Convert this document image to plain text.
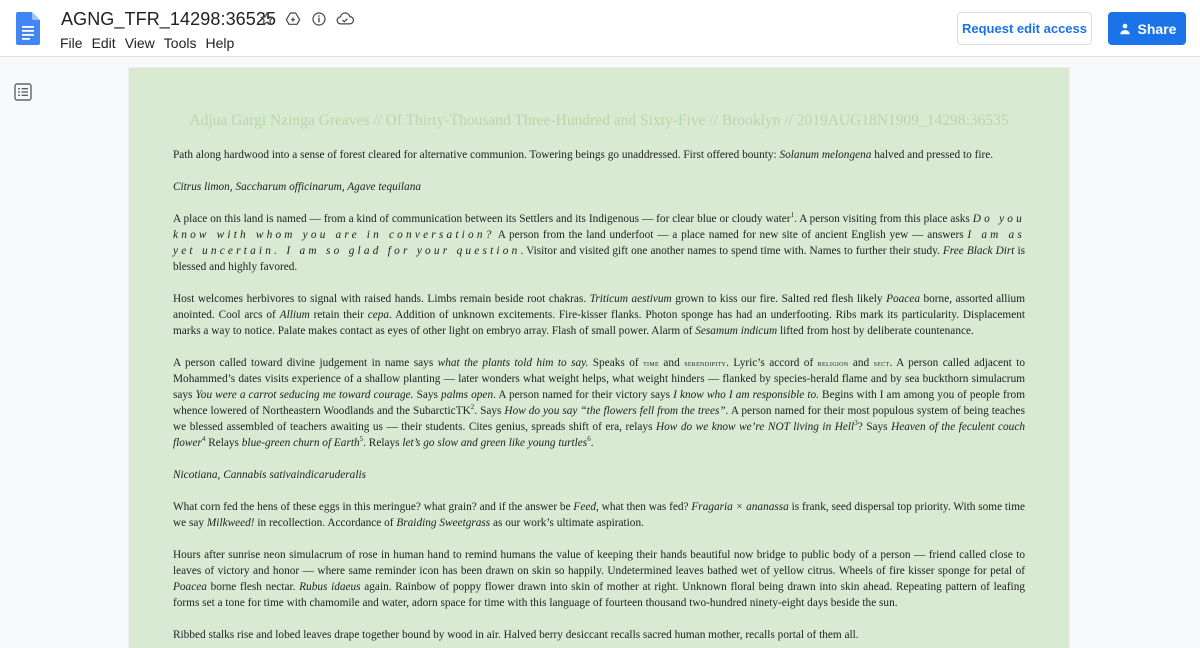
AGNG_TFR_14298:36525
File Edit View Tools Help
Request edit access	Share
Adjua Gargi Nzinga Greaves // Of Thirty-Thousand Three-Hundred and Sixty-Five // Brooklyn // 2019AUG18N1909_14298:36535

Path along hardwood into a sense of forest cleared for alternative communion. Towering beings go unaddressed. First offered bounty: Solanum melongena halved and pressed to fire.

Citrus limon, Saccharum officinarum, Agave tequilana

A place on this land is named — from a kind of communication between its Settlers and its Indigenous — for clear blue or cloudy water$^1$. A person visiting from this place asks Do you know with whom you are in conversation? A person from the land underfoot — a place named for new site of ancient English yew — answers I am as yet uncertain. I am so glad for your question. Visitor and visited gift one another names to spend time with. Names to further their study. Free Black Dirt is blessed and highly favored.

Host welcomes herbivores to signal with raised hands. Limbs remain beside root chakras. Triticum aestivum grown to kiss our fire. Salted red flesh likely Poacea borne, assorted allium anointed. Cool arcs of Allium retain their cepa. Addition of unknown excitements. Fire-kisser flanks. Photon sponge has had an underfooting. Ribs mark its particularity. Displacement marks a way to notice. Palate makes contact as eyes of other light on embryo array. Flash of small power. Alarm of Sesamum indicum lifted from host by deliberate countenance.

A person called toward divine judgement in name says what the plants told him to say. Speaks of time and serendipity. Lyric’s accord of religion and sect. A person called adjacent to Mohammed’s dates visits experience of a shallow planting — later wonders what weight helps, what weight hinders — flanked by species-herald flame and by sea buckthorn simulacrum says You were a carrot seducing me toward courage. Says palms open. A person named for their victory says I know who I am responsible to. Begins with I am among you of people from whence lowered of Northeastern Woodlands and the SubarcticTK$^2$. Says How do you say “the flowers fell from the trees”. A person named for their most populous system of being teaches we blessed assembled of teachers awaiting us — their students. Cites genius, spreads shift of era, relays How do we know we’re NOT living in Hell$^3$? Says Heaven of the feculent couch flower$^4$ Relays blue-green churn of Earth$^5$. Relays let’s go slow and green like young turtles$^6$.

Nicotiana, Cannabis sativaindicaruderalis

What corn fed the hens of these eggs in this meringue? what grain? and if the answer be Feed, what then was fed? Fragaria × ananassa is frank, seed dispersal top priority. With some time we say Milkweed! in recollection. Accordance of Braiding Sweetgrass as our work’s ultimate aspiration.

Hours after sunrise neon simulacrum of rose in human hand to remind humans the value of keeping their hands beautiful now bridge to public body of a person — friend called close to leaves of victory and honor — where same reminder icon has been drawn on skin so happily. Undetermined leaves bathed wet of yellow citrus. Wheels of fire kisser sponge for petal of Poacea borne flesh nectar. Rubus idaeus again. Rainbow of poppy flower drawn into skin of mother at right. Unknown floral being drawn into skin ahead. Repeating pattern of leafing forms set a tone for time with chamomile and water, adorn space for time with this language of fourteen thousand two-hundred ninety-eight days beside the sun.

Ribbed stalks rise and lobed leaves drape together bound by wood in air. Halved berry desiccant recalls sacred human mother, recalls portal of them all.
